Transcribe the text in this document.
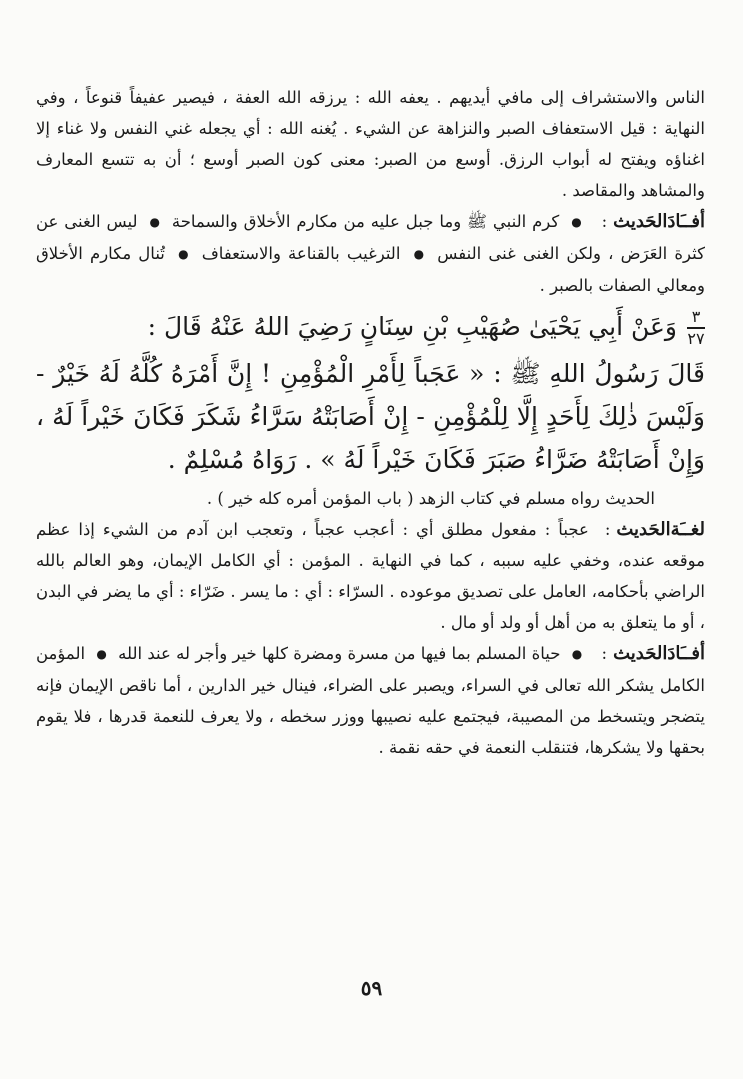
الناس والاستشراف إلى مافي أيديهم . يعفه الله : يرزقه الله العفة ، فيصير عفيفاً قنوعاً ، وفي النهاية : قيل الاستعفاف الصبر والنزاهة عن الشيء . يُغنه الله : أي يجعله غني النفس ولا غناء إلا اغناؤه ويفتح له أبواب الرزق. أوسع من الصبر: معنى كون الصبر أوسع ؛ أن به تتسع المعارف والمشاهد والمقاصد .

أفــَادَالحَديث: ● كرم النبي ﷺ وما جبل عليه من مكارم الأخلاق والسماحة ● ليس الغنى عن كثرة العَرَض ، ولكن الغنى غنى النفس ● الترغيب بالقناعة والاستعفاف ● تُنال مكارم الأخلاق ومعالي الصفات بالصبر .

٣
٢٧
وَعَنْ أَبِي يَحْيَىٰ صُهَيْبِ بْنِ سِنَانٍ رَضِيَ اللهُ عَنْهُ قَالَ :

قَالَ رَسُولُ اللهِ ﷺ : « عَجَباً لِأَمْرِ الْمُؤْمِنِ ! إِنَّ أَمْرَهُ كُلَّهُ لَهُ خَيْرٌ - وَلَيْسَ ذٰلِكَ لِأَحَدٍ إِلَّا لِلْمُؤْمِنِ - إِنْ أَصَابَتْهُ سَرَّاءُ شَكَرَ فَكَانَ خَيْراً لَهُ ، وَإِنْ أَصَابَتْهُ ضَرَّاءُ صَبَرَ فَكَانَ خَيْراً لَهُ » . رَوَاهُ مُسْلِمٌ .

الحديث رواه مسلم في كتاب الزهد ( باب المؤمن أمره كله خير ) .

لغــَةالحَديث: عجباً : مفعول مطلق أي : أعجب عجباً ، وتعجب ابن آدم من الشيء إذا عظم موقعه عنده، وخفي عليه سببه ، كما في النهاية . المؤمن : أي الكامل الإيمان، وهو العالم بالله الراضي بأحكامه، العامل على تصديق موعوده . السرّاء : أي : ما يسر . ضَرّاء : أي ما يضر في البدن ، أو ما يتعلق به من أهل أو ولد أو مال .

أفــَادَالحَديث: ● حياة المسلم بما فيها من مسرة ومضرة كلها خير وأجر له عند الله ● المؤمن الكامل يشكر الله تعالى في السراء، ويصبر على الضراء، فينال خير الدارين ، أما ناقص الإيمان فإنه يتضجر ويتسخط من المصيبة، فيجتمع عليه نصيبها ووزر سخطه ، ولا يعرف للنعمة قدرها ، فلا يقوم بحقها ولا يشكرها، فتنقلب النعمة في حقه نقمة .

٥٩
